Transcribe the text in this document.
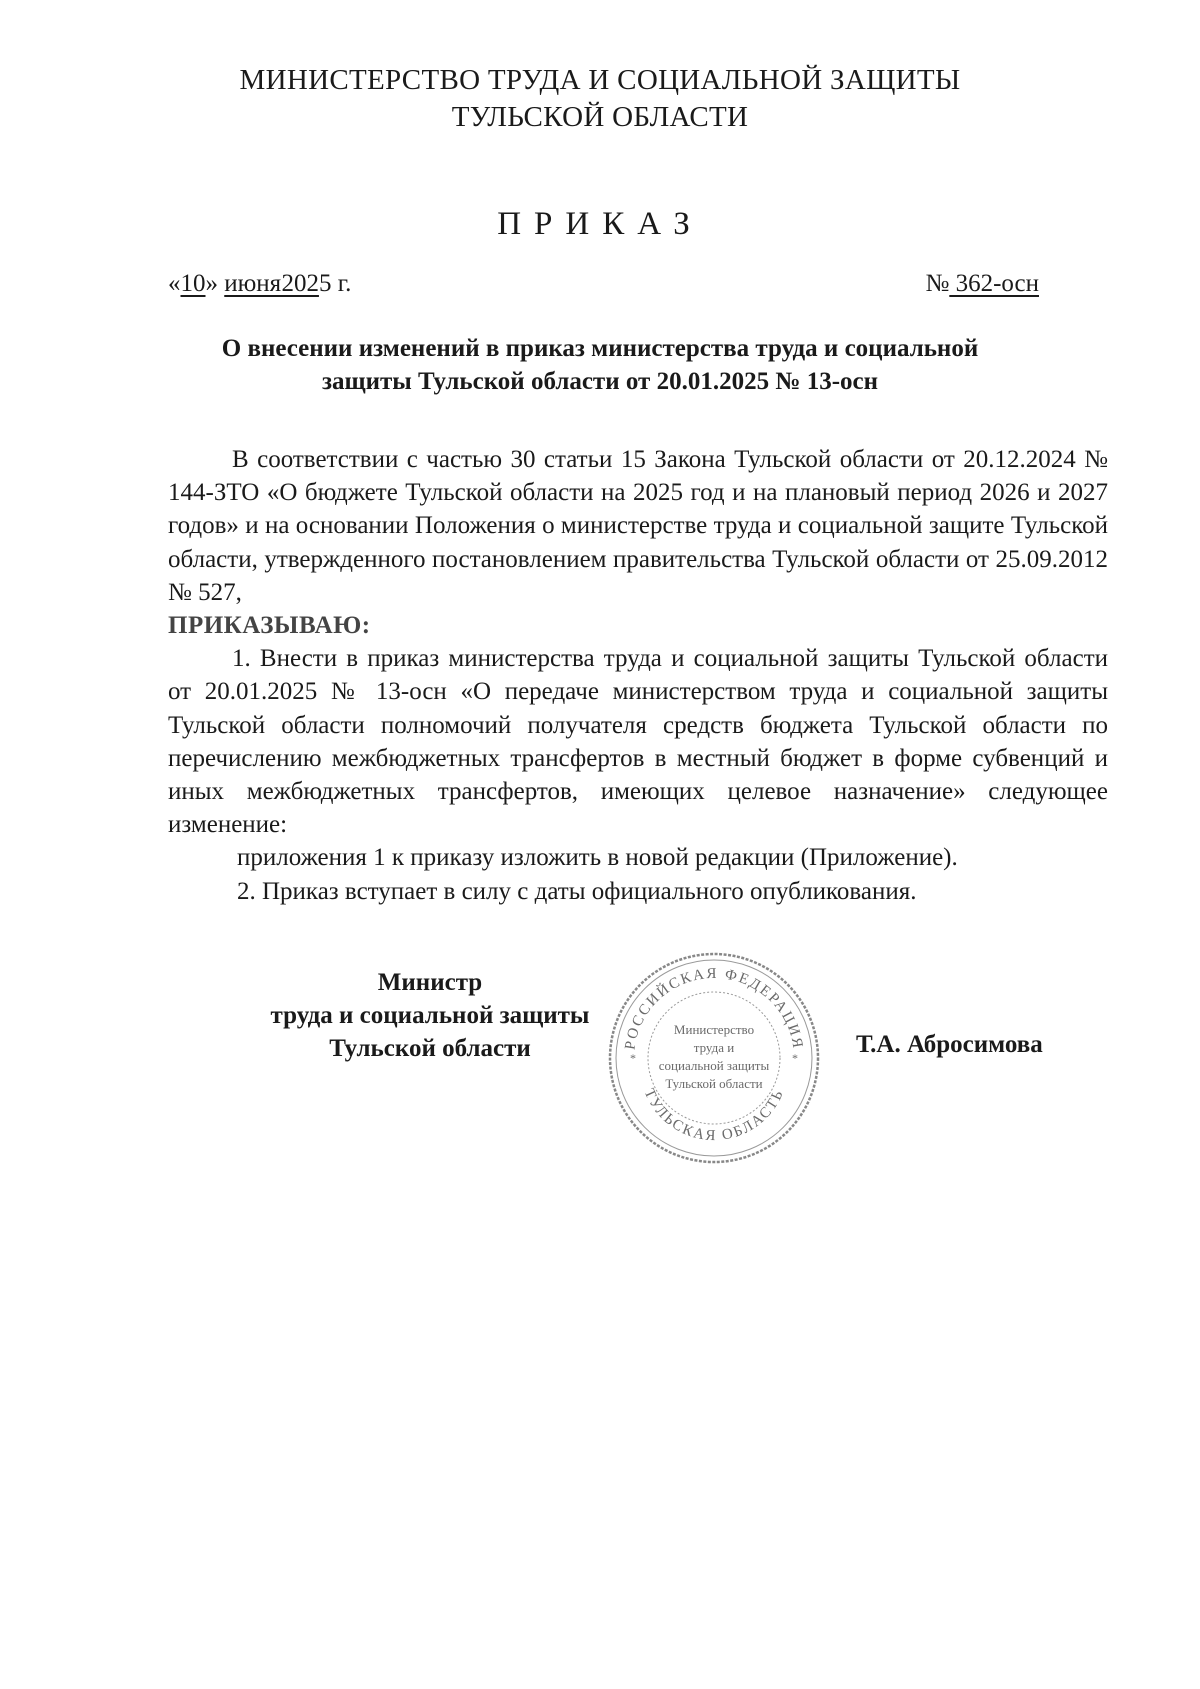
МИНИСТЕРСТВО ТРУДА И СОЦИАЛЬНОЙ ЗАЩИТЫ
ТУЛЬСКОЙ ОБЛАСТИ
ПРИКАЗ
«10» июня 2025 г.	№ 362-осн
О внесении изменений в приказ министерства труда и социальной
защиты Тульской области от 20.01.2025 № 13-осн

В соответствии с частью 30 статьи 15 Закона Тульской области от 20.12.2024 № 144-ЗТО «О бюджете Тульской области на 2025 год и на плановый период 2026 и 2027 годов» и на основании Положения о министерстве труда и социальной защите Тульской области, утвержденного постановлением правительства Тульской области от 25.09.2012 № 527,
ПРИКАЗЫВАЮ:

1. Внести в приказ министерства труда и социальной защиты Тульской области от 20.01.2025 № 13-осн «О передаче министерством труда и социальной защиты Тульской области полномочий получателя средств бюджета Тульской области по перечислению межбюджетных трансфертов в местный бюджет в форме субвенций и иных межбюджетных трансфертов, имеющих целевое назначение» следующее изменение:

приложения 1 к приказу изложить в новой редакции (Приложение).

2. Приказ вступает в силу с даты официального опубликования.

Министр
труда и социальной защиты
Тульской области	РОССИЙСКАЯ ФЕДЕРАЦИЯ
ТУЛЬСКАЯ ОБЛАСТЬ
*	*
Министерство
труда и
социальной защиты
Тульской области
Т.А. Абросимова
